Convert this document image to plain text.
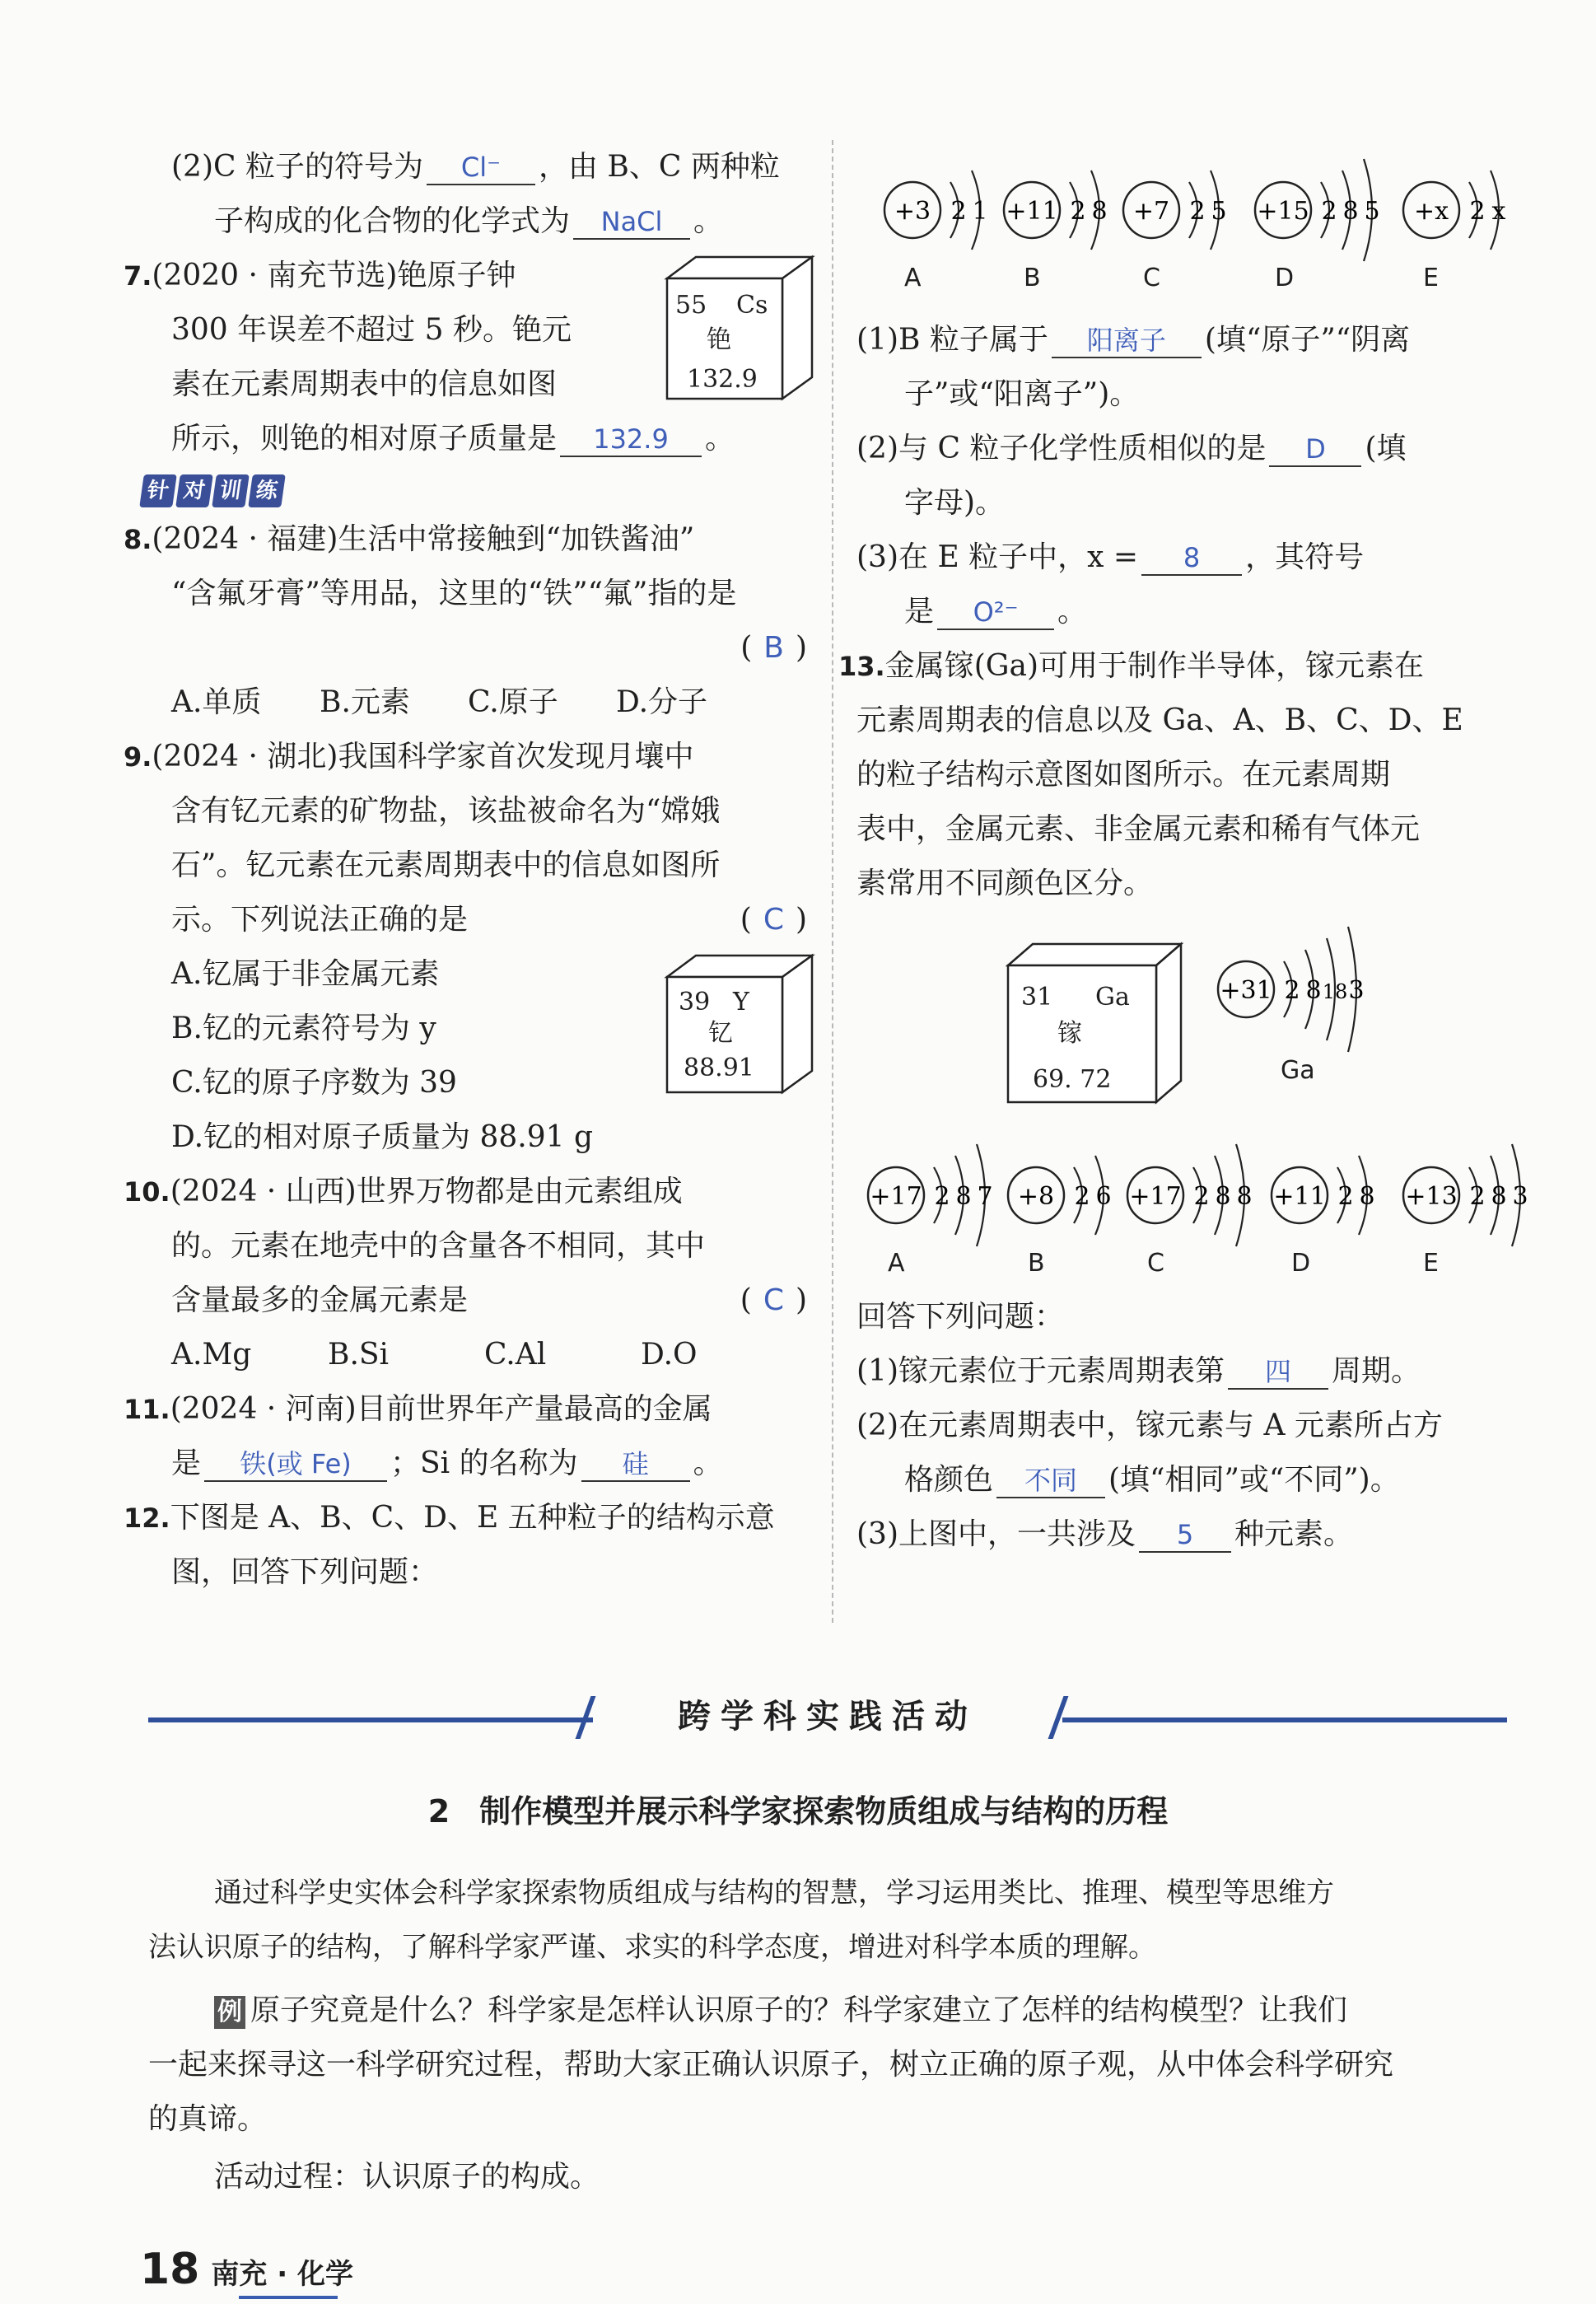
(2)C 粒子的符号为 Cl⁻ ，由 B、C 两种粒
子构成的化合物的化学式为 NaCl 。
7.(2020 · 南充节选)铯原子钟
300 年误差不超过 5 秒。铯元
素在元素周期表中的信息如图
所示，则铯的相对原子质量是 132.9 。
55 Cs
铯
132.9
针 对 训 练
8.(2024 · 福建)生活中常接触到“加铁酱油”
“含氟牙膏”等用品，这里的“铁”“氟”指的是
( B )

A.单质 B.元素 C.原子 D.分子
9.(2024 · 湖北)我国科学家首次发现月壤中
含有钇元素的矿物盐，该盐被命名为“嫦娥
石”。钇元素在元素周期表中的信息如图所
示。下列说法正确的是	( C )
A.钇属于非金属元素
B.钇的元素符号为 y
C.钇的原子序数为 39
D.钇的相对原子质量为 88.91 g
39 Y
钇
88.91
10.(2024 · 山西)世界万物都是由元素组成
的。元素在地壳中的含量各不相同，其中
含量最多的金属元素是	( C )
A.Mg	B.Si	C.Al	D.O
11.(2024 · 河南)目前世界年产量最高的金属
是 铁(或 Fe) ；Si 的名称为 硅 。
12.下图是 A、B、C、D、E 五种粒子的结构示意
图，回答下列问题：
+3 2 1
A
+11 2 8
B
+7 2 5
C
+15 2 8 5
D
+x 2 x
E
(1)B 粒子属于 阳离子 (填“原子”“阴离
子”或“阳离子”)。
(2)与 C 粒子化学性质相似的是 D (填
字母)。
(3)在 E 粒子中，x = 8 ，其符号
是 O²⁻ 。
13.金属镓(Ga)可用于制作半导体，镓元素在
元素周期表的信息以及 Ga、A、B、C、D、E
的粒子结构示意图如图所示。在元素周期
表中，金属元素、非金属元素和稀有气体元
素常用不同颜色区分。
31 Ga
镓
69. 72
+31 2 8 18 3
Ga
+17 2 8 7
A
+8 2 6
B
+17 2 8 8
C
+11 2 8
D
+13 2 8 3
E
回答下列问题：
(1)镓元素位于元素周期表第 四 周期。
(2)在元素周期表中，镓元素与 A 元素所占方
格颜色 不同 (填“相同”或“不同”)。
(3)上图中，一共涉及 5 种元素。
跨学科实践活动
2 制作模型并展示科学家探索物质组成与结构的历程
通过科学史实体会科学家探索物质组成与结构的智慧，学习运用类比、推理、模型等思维方
法认识原子的结构，了解科学家严谨、求实的科学态度，增进对科学本质的理解。
例 原子究竟是什么？科学家是怎样认识原子的？科学家建立了怎样的结构模型？让我们
一起来探寻这一科学研究过程，帮助大家正确认识原子，树立正确的原子观，从中体会科学研究
的真谛。
活动过程：认识原子的构成。
18 南充 · 化学
